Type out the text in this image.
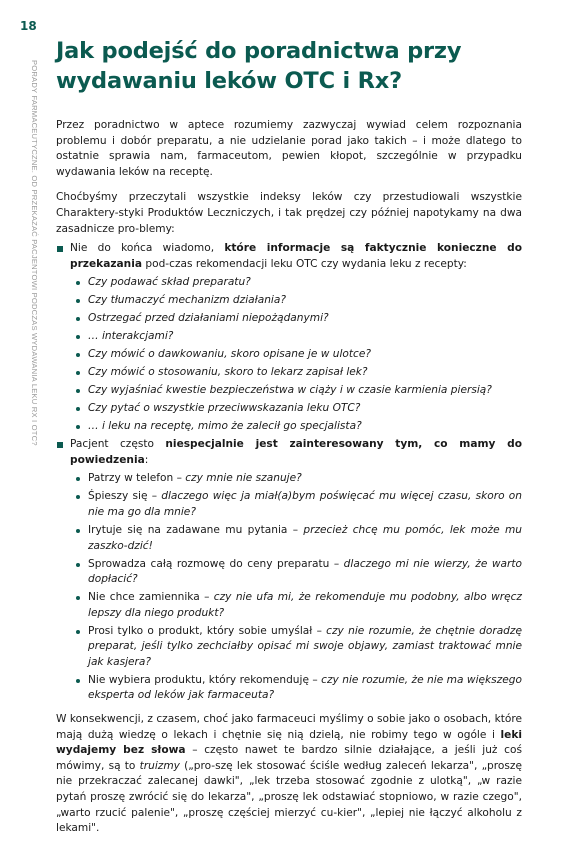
18
PORADY FARMACEUTYCZNE. OD PRZEKAZAĆ PACJENTOWI PODCZAS WYDAWANIA LEKU RX I OTC?
Jak podejść do poradnictwa przy wydawaniu leków OTC i Rx?

Przez poradnictwo w aptece rozumiemy zazwyczaj wywiad celem rozpoznania problemu i dobór preparatu, a nie udzielanie porad jako takich – i może dlatego to ostatnie sprawia nam, farmaceutom, pewien kłopot, szczególnie w przypadku wydawania leków na receptę.

Choćbyśmy przeczytali wszystkie indeksy leków czy przestudiowali wszystkie Charaktery-styki Produktów Leczniczych, i tak prędzej czy później napotykamy na dwa zasadnicze pro-blemy:

Nie do końca wiadomo, które informacje są faktycznie konieczne do przekazania pod-czas rekomendacji leku OTC czy wydania leku z recepty:
Czy podawać skład preparatu?
Czy tłumaczyć mechanizm działania?
Ostrzegać przed działaniami niepożądanymi?
… interakcjami?
Czy mówić o dawkowaniu, skoro opisane je w ulotce?
Czy mówić o stosowaniu, skoro to lekarz zapisał lek?
Czy wyjaśniać kwestie bezpieczeństwa w ciąży i w czasie karmienia piersią?
Czy pytać o wszystkie przeciwwskazania leku OTC?
… i leku na receptę, mimo że zalecił go specjalista?
Pacjent często niespecjalnie jest zainteresowany tym, co mamy do powiedzenia:
Patrzy w telefon – czy mnie nie szanuje?
Śpieszy się – dlaczego więc ja miał(a)bym poświęcać mu więcej czasu, skoro on nie ma go dla mnie?
Irytuje się na zadawane mu pytania – przecież chcę mu pomóc, lek może mu zaszko-dzić!
Sprowadza całą rozmowę do ceny preparatu – dlaczego mi nie wierzy, że warto dopłacić?
Nie chce zamiennika – czy nie ufa mi, że rekomenduje mu podobny, albo wręcz lepszy dla niego produkt?
Prosi tylko o produkt, który sobie umyślał – czy nie rozumie, że chętnie doradzę preparat, jeśli tylko zechciałby opisać mi swoje objawy, zamiast traktować mnie jak kasjera?
Nie wybiera produktu, który rekomenduję – czy nie rozumie, że nie ma większego eksperta od leków jak farmaceuta?

W konsekwencji, z czasem, choć jako farmaceuci myślimy o sobie jako o osobach, które mają dużą wiedzę o lekach i chętnie się nią dzielą, nie robimy tego w ogóle i leki wydajemy bez słowa – często nawet te bardzo silnie działające, a jeśli już coś mówimy, są to truizmy („pro-szę lek stosować ściśle według zaleceń lekarza", „proszę nie przekraczać zalecanej dawki", „lek trzeba stosować zgodnie z ulotką", „w razie pytań proszę zwrócić się do lekarza", „proszę lek odstawiać stopniowo, w razie czego", „warto rzucić palenie", „proszę częściej mierzyć cu-kier", „lepiej nie łączyć alkoholu z lekami".
